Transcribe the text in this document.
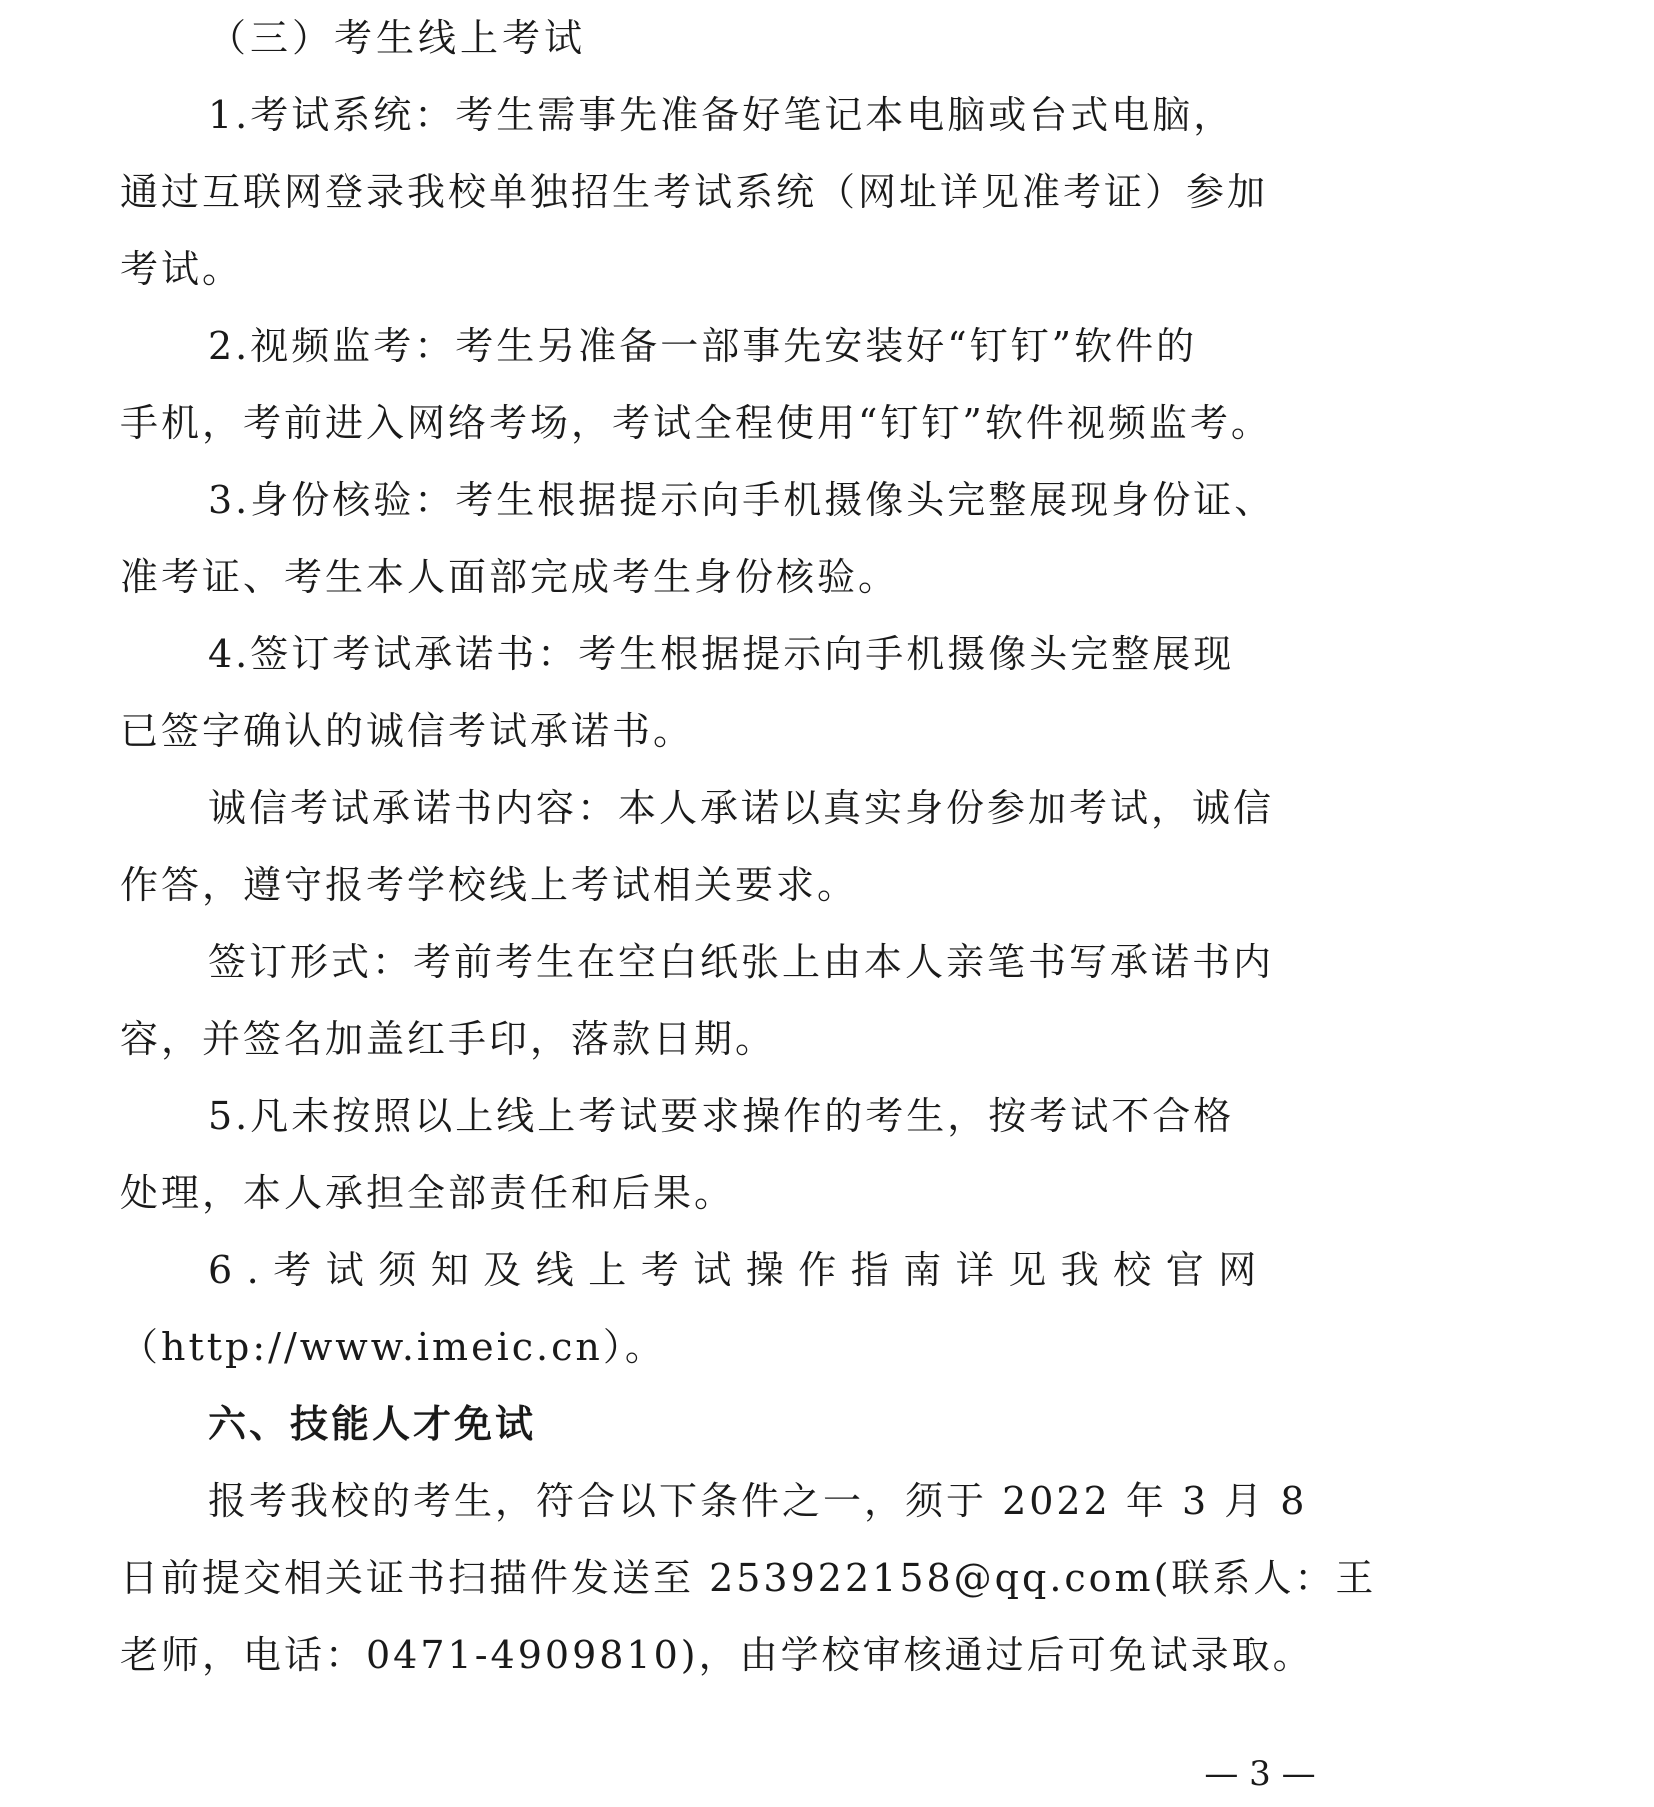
（三）考生线上考试
1.考试系统：考生需事先准备好笔记本电脑或台式电脑，
通过互联网登录我校单独招生考试系统（网址详见准考证）参加
考试。
2.视频监考：考生另准备一部事先安装好“钉钉”软件的
手机，考前进入网络考场，考试全程使用“钉钉”软件视频监考。
3.身份核验：考生根据提示向手机摄像头完整展现身份证、
准考证、考生本人面部完成考生身份核验。
4.签订考试承诺书：考生根据提示向手机摄像头完整展现
已签字确认的诚信考试承诺书。
诚信考试承诺书内容：本人承诺以真实身份参加考试，诚信
作答，遵守报考学校线上考试相关要求。
签订形式：考前考生在空白纸张上由本人亲笔书写承诺书内
容，并签名加盖红手印，落款日期。
5.凡未按照以上线上考试要求操作的考生，按考试不合格
处理，本人承担全部责任和后果。
6.考试须知及线上考试操作指南详见我校官网
（http://www.imeic.cn）。
六、技能人才免试
报考我校的考生，符合以下条件之一，须于 2022 年 3 月 8
日前提交相关证书扫描件发送至 253922158@qq.com(联系人：王
老师，电话：0471-4909810)，由学校审核通过后可免试录取。
— 3 —
